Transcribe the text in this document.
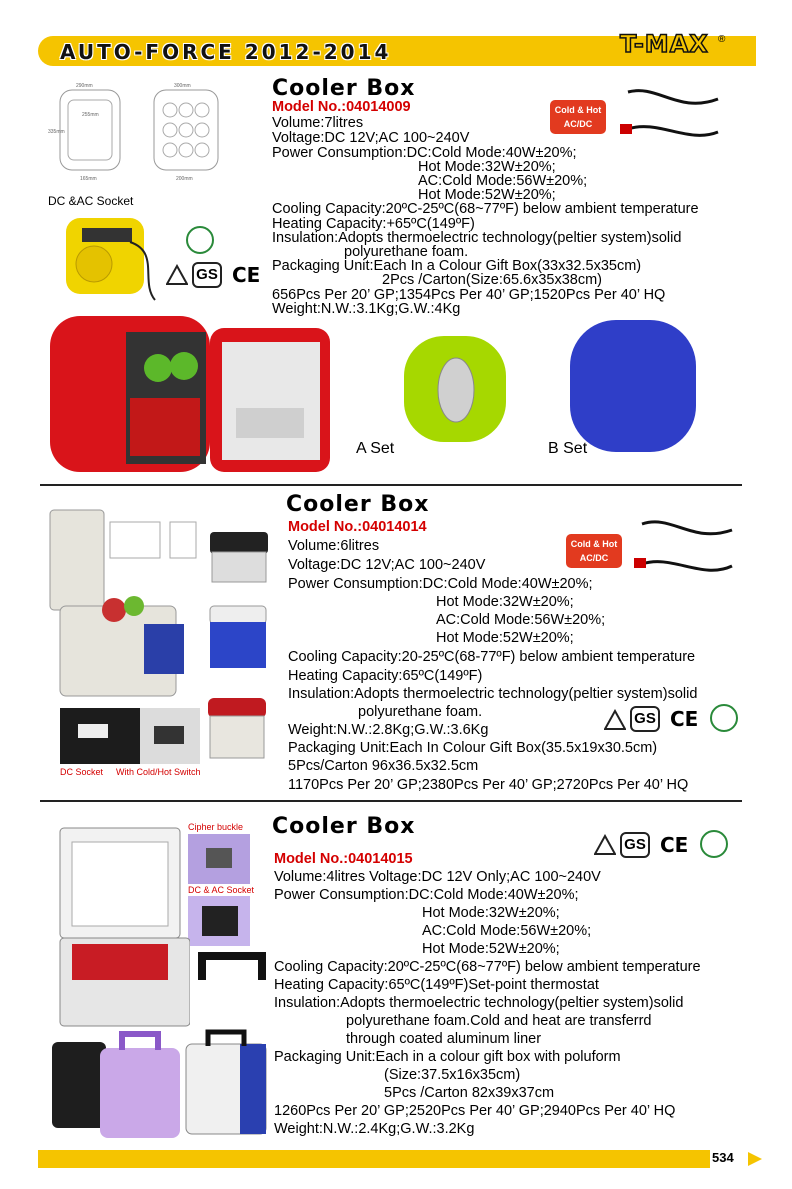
AUTO-FORCE 2012-2014	T-MAX ®
290mm	300mm
335mm
165mm
255mm
200mm
Cooler Box
Model No.:04014009
Volume:7litres
Voltage:DC 12V;AC 100~240V
Power Consumption:DC:Cold Mode:40W±20%;
Hot Mode:32W±20%;
AC:Cold Mode:56W±20%;
Hot Mode:52W±20%;
Cooling Capacity:20ºC-25ºC(68~77ºF) below ambient temperature
Heating Capacity:+65ºC(149ºF)
Insulation:Adopts thermoelectric technology(peltier system)solid
polyurethane foam.
Packaging Unit:Each In a Colour Gift Box(33x32.5x35cm)
2Pcs /Carton(Size:65.6x35x38cm)
656Pcs Per 20’ GP;1354Pcs Per 40’ GP;1520Pcs Per 40’ HQ
Weight:N.W.:3.1Kg;G.W.:4Kg
Cold & Hot
AC/DC
DC &AC Socket
GS CE
A Set	B Set
Cooler Box
Model No.:04014014
Volume:6litres
Voltage:DC 12V;AC 100~240V
Power Consumption:DC:Cold Mode:40W±20%;
Hot Mode:32W±20%;
AC:Cold Mode:56W±20%;
Hot Mode:52W±20%;
Cooling Capacity:20-25ºC(68-77ºF) below ambient temperature
Heating Capacity:65ºC(149ºF)
Insulation:Adopts thermoelectric technology(peltier system)solid
polyurethane foam.
Weight:N.W.:2.8Kg;G.W.:3.6Kg
Packaging Unit:Each In Colour Gift Box(35.5x19x30.5cm)
5Pcs/Carton 96x36.5x32.5cm
1170Pcs Per 20’ GP;2380Pcs Per 40’ GP;2720Pcs Per 40’ HQ
Cold & Hot
AC/DC
DC Socket With Cold/Hot Switch
GS CE
Cooler Box
Model No.:04014015
Volume:4litres Voltage:DC 12V Only;AC 100~240V
Power Consumption:DC:Cold Mode:40W±20%;
Hot Mode:32W±20%;
AC:Cold Mode:56W±20%;
Hot Mode:52W±20%;
Cooling Capacity:20ºC-25ºC(68~77ºF) below ambient temperature
Heating Capacity:65ºC(149ºF)Set-point thermostat
Insulation:Adopts thermoelectric technology(peltier system)solid
polyurethane foam.Cold and heat are transferrd
through coated aluminum liner
Packaging Unit:Each in a colour gift box with poluform
(Size:37.5x16x35cm)
5Pcs /Carton 82x39x37cm
1260Pcs Per 20’ GP;2520Pcs Per 40’ GP;2940Pcs Per 40’ HQ
Weight:N.W.:2.4Kg;G.W.:3.2Kg
GS CE
Cipher buckle
DC & AC Socket
534
